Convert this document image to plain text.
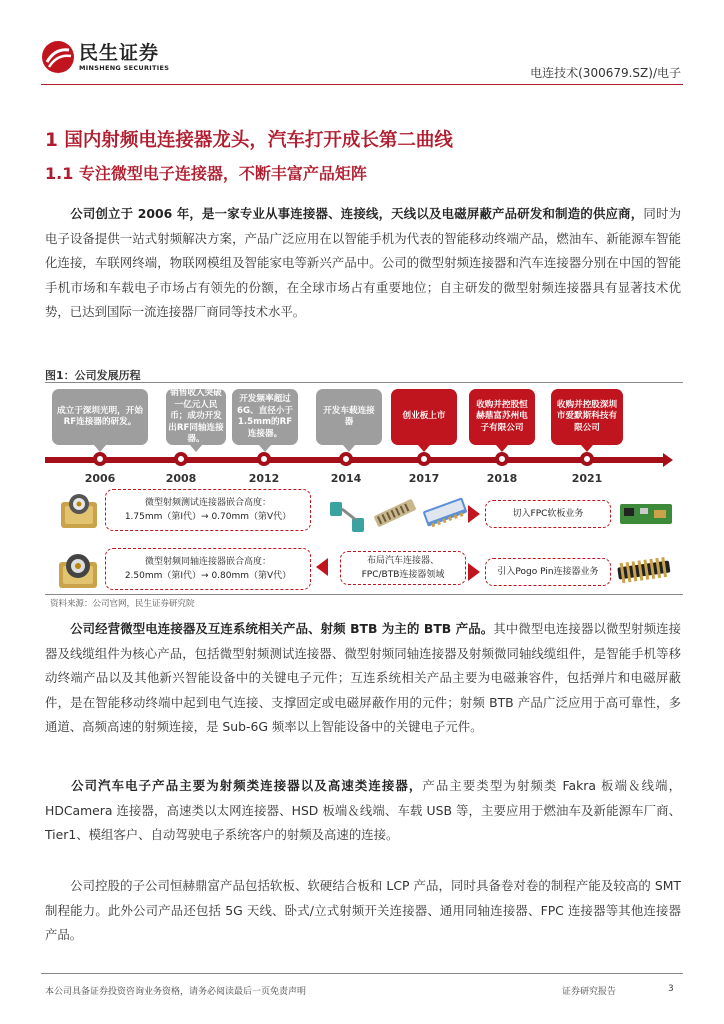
民生证券
MINSHENG SECURITIES	电连技术(300679.SZ)/电子
1 国内射频电连接器龙头，汽车打开成长第二曲线
1.1 专注微型电子连接器，不断丰富产品矩阵
公司创立于 2006 年，是一家专业从事连接器、连接线，天线以及电磁屏蔽产品研发和制造的供应商，同时为电子设备提供一站式射频解决方案，产品广泛应用在以智能手机为代表的智能移动终端产品，燃油车、新能源车智能化连接，车联网终端，物联网模组及智能家电等新兴产品中。公司的微型射频连接器和汽车连接器分别在中国的智能手机市场和车载电子市场占有领先的份额，在全球市场占有重要地位；自主研发的微型射频连接器具有显著技术优势，已达到国际一流连接器厂商同等技术水平。
图1：公司发展历程
成立于深圳光明，开始RF连接器的研发。
销售收入突破一亿元人民币；成功开发出RF同轴连接器。
开发频率超过6G、直径小于1.5mm的RF连接器。
开发车载连接器
创业板上市
收购并控股恒赫鼎富苏州电子有限公司
收购并控股深圳市爱默斯科技有限公司
2006	2008	2012	2014	2017	2018	2021
微型射频测试连接器嵌合高度：
1.75mm（第I代）→ 0.70mm（第V代）	切入FPC软板业务
微型射频同轴连接器嵌合高度：
2.50mm（第I代）→ 0.80mm（第V代）
布局汽车连接器、
FPC/BTB连接器领域	引入Pogo Pin连接器业务
资料来源：公司官网，民生证券研究院
公司经营微型电连接器及互连系统相关产品、射频 BTB 为主的 BTB 产品。其中微型电连接器以微型射频连接器及线缆组件为核心产品，包括微型射频测试连接器、微型射频同轴连接器及射频微同轴线缆组件，是智能手机等移动终端产品以及其他新兴智能设备中的关键电子元件；互连系统相关产品主要为电磁兼容件，包括弹片和电磁屏蔽件，是在智能移动终端中起到电气连接、支撑固定或电磁屏蔽作用的元件；射频 BTB 产品广泛应用于高可靠性，多通道、高频高速的射频连接，是 Sub-6G 频率以上智能设备中的关键电子元件。
公司汽车电子产品主要为射频类连接器以及高速类连接器，产品主要类型为射频类 Fakra 板端＆线端，HDCamera 连接器，高速类以太网连接器、HSD 板端＆线端、车载 USB 等，主要应用于燃油车及新能源车厂商、Tier1、模组客户、自动驾驶电子系统客户的射频及高速的连接。
公司控股的子公司恒赫鼎富产品包括软板、软硬结合板和 LCP 产品，同时具备卷对卷的制程产能及较高的 SMT 制程能力。此外公司产品还包括 5G 天线、卧式/立式射频开关连接器、通用同轴连接器、FPC 连接器等其他连接器产品。
本公司具备证券投资咨询业务资格，请务必阅读最后一页免责声明	证券研究报告	3
